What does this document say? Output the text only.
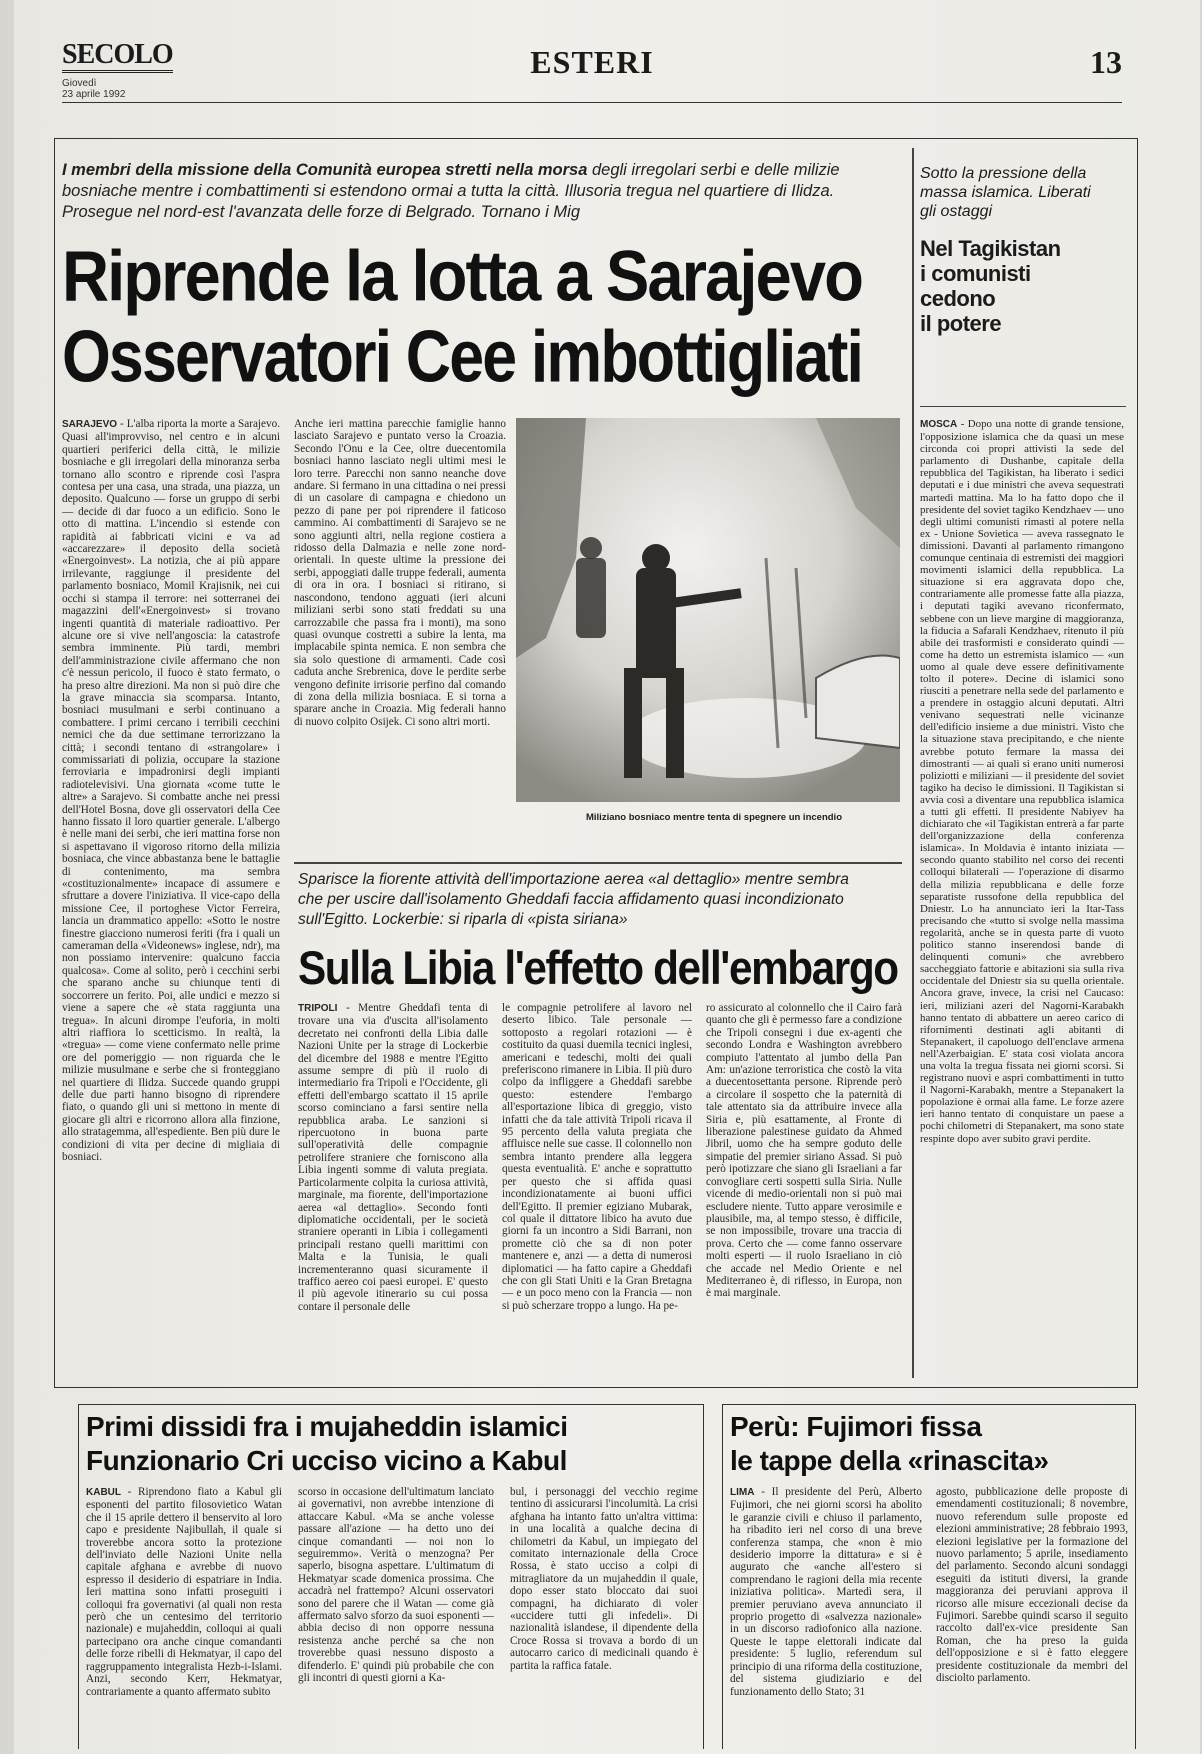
SECOLO
Giovedì
23 aprile 1992
ESTERI	13
I membri della missione della Comunità europea stretti nella morsa degli irregolari serbi e delle milizie bosniache mentre i combattimenti si estendono ormai a tutta la città. Illusoria tregua nel quartiere di Ilidza. Prosegue nel nord-est l'avanzata delle forze di Belgrado. Tornano i Mig
Riprende la lotta a Sarajevo
Osservatori Cee imbottigliati
SARAJEVO - L'alba riporta la morte a Sarajevo. Quasi all'improvviso, nel centro e in alcuni quartieri periferici della città, le milizie bosniache e gli irregolari della minoranza serba tornano allo scontro e riprende così l'aspra contesa per una casa, una strada, una piazza, un deposito. Qualcuno — forse un gruppo di serbi — decide di dar fuoco a un edificio. Sono le otto di mattina. L'incendio si estende con rapidità ai fabbricati vicini e va ad «accarezzare» il deposito della società «Energoinvest». La notizia, che ai più appare irrilevante, raggiunge il presidente del parlamento bosniaco, Momil Krajisnik, nei cui occhi si stampa il terrore: nei sotterranei dei magazzini dell'«Energoinvest» si trovano ingenti quantità di materiale radioattivo. Per alcune ore si vive nell'angoscia: la catastrofe sembra imminente. Più tardi, membri dell'amministrazione civile affermano che non c'è nessun pericolo, il fuoco è stato fermato, o ha preso altre direzioni. Ma non si può dire che la grave minaccia sia scomparsa. Intanto, bosniaci musulmani e serbi continuano a combattere. I primi cercano i terribili cecchini nemici che da due settimane terrorizzano la città; i secondi tentano di «strangolare» i commissariati di polizia, occupare la stazione ferroviaria e impadronirsi degli impianti radiotelevisivi. Una giornata «come tutte le altre» a Sarajevo. Si combatte anche nei pressi dell'Hotel Bosna, dove gli osservatori della Cee hanno fissato il loro quartier generale. L'albergo è nelle mani dei serbi, che ieri mattina forse non si aspettavano il vigoroso ritorno della milizia bosniaca, che vince abbastanza bene le battaglie di contenimento, ma sembra «costituzionalmente» incapace di assumere e sfruttare a dovere l'iniziativa. Il vice-capo della missione Cee, il portoghese Victor Ferreira, lancia un drammatico appello: «Sotto le nostre finestre giacciono numerosi feriti (fra i quali un cameraman della «Videonews» inglese, ndr), ma non possiamo intervenire: qualcuno faccia qualcosa». Come al solito, però i cecchini serbi che sparano anche su chiunque tenti di soccorrere un ferito. Poi, alle undici e mezzo si viene a sapere che «è stata raggiunta una tregua». In alcuni dirompe l'euforia, in molti altri riaffiora lo scetticismo. In realtà, la «tregua» — come viene confermato nelle prime ore del pomeriggio — non riguarda che le milizie musulmane e serbe che si fronteggiano nel quartiere di Ilidza. Succede quando gruppi delle due parti hanno bisogno di riprendere fiato, o quando gli uni si mettono in mente di giocare gli altri e ricorrono allora alla finzione, allo stratagemma, all'espediente. Ben più dure le condizioni di vita per decine di migliaia di bosniaci.
Anche ieri mattina parecchie famiglie hanno lasciato Sarajevo e puntato verso la Croazia. Secondo l'Onu e la Cee, oltre duecentomila bosniaci hanno lasciato negli ultimi mesi le loro terre. Parecchi non sanno neanche dove andare. Si fermano in una cittadina o nei pressi di un casolare di campagna e chiedono un pezzo di pane per poi riprendere il faticoso cammino. Ai combattimenti di Sarajevo se ne sono aggiunti altri, nella regione costiera a ridosso della Dalmazia e nelle zone nord-orientali. In queste ultime la pressione dei serbi, appoggiati dalle truppe federali, aumenta di ora in ora. I bosniaci si ritirano, si nascondono, tendono agguati (ieri alcuni miliziani serbi sono stati freddati su una carrozzabile che passa fra i monti), ma sono quasi ovunque costretti a subire la lenta, ma implacabile spinta nemica. E non sembra che sia solo questione di armamenti. Cade così caduta anche Srebrenica, dove le perdite serbe vengono definite irrisorie perfino dal comando di zona della milizia bosniaca. E si torna a sparare anche in Croazia. Mig federali hanno di nuovo colpito Osijek. Ci sono altri morti.
Miliziano bosniaco mentre tenta di spegnere un incendio
Sparisce la fiorente attività dell'importazione aerea «al dettaglio» mentre sembra che per uscire dall'isolamento Gheddafi faccia affidamento quasi incondizionato sull'Egitto. Lockerbie: si riparla di «pista siriana»
Sulla Libia l'effetto dell'embargo
TRIPOLI - Mentre Gheddafi tenta di trovare una via d'uscita all'isolamento decretato nei confronti della Libia dalle Nazioni Unite per la strage di Lockerbie del dicembre del 1988 e mentre l'Egitto assume sempre di più il ruolo di intermediario fra Tripoli e l'Occidente, gli effetti dell'embargo scattato il 15 aprile scorso cominciano a farsi sentire nella repubblica araba. Le sanzioni si ripercuotono in buona parte sull'operatività delle compagnie petrolifere straniere che forniscono alla Libia ingenti somme di valuta pregiata. Particolarmente colpita la curiosa attività, marginale, ma fiorente, dell'importazione aerea «al dettaglio». Secondo fonti diplomatiche occidentali, per le società straniere operanti in Libia i collegamenti principali restano quelli marittimi con Malta e la Tunisia, le quali incrementeranno quasi sicuramente il traffico aereo coi paesi europei. E' questo il più agevole itinerario su cui possa contare il personale delle
le compagnie petrolifere al lavoro nel deserto libico. Tale personale — sottoposto a regolari rotazioni — è costituito da quasi duemila tecnici inglesi, americani e tedeschi, molti dei quali preferiscono rimanere in Libia. Il più duro colpo da infliggere a Gheddafi sarebbe questo: estendere l'embargo all'esportazione libica di greggio, visto infatti che da tale attività Tripoli ricava il 95 percento della valuta pregiata che affluisce nelle sue casse. Il colonnello non sembra intanto prendere alla leggera questa eventualità. E' anche e soprattutto per questo che si affida quasi incondizionatamente ai buoni uffici dell'Egitto. Il premier egiziano Mubarak, col quale il dittatore libico ha avuto due giorni fa un incontro a Sidi Barrani, non promette ciò che sa di non poter mantenere e, anzi — a detta di numerosi diplomatici — ha fatto capire a Gheddafi che con gli Stati Uniti e la Gran Bretagna — e un poco meno con la Francia — non si può scherzare troppo a lungo. Ha pe-
ro assicurato al colonnello che il Cairo farà quanto che gli è permesso fare a condizione che Tripoli consegni i due ex-agenti che secondo Londra e Washington avrebbero compiuto l'attentato al jumbo della Pan Am: un'azione terroristica che costò la vita a duecentosettanta persone. Riprende però a circolare il sospetto che la paternità di tale attentato sia da attribuire invece alla Siria e, più esattamente, al Fronte di liberazione palestinese guidato da Ahmed Jibril, uomo che ha sempre goduto delle simpatie del premier siriano Assad. Si può però ipotizzare che siano gli Israeliani a far convogliare certi sospetti sulla Siria. Nulle vicende di medio-orientali non si può mai escludere niente. Tutto appare verosimile e plausibile, ma, al tempo stesso, è difficile, se non impossibile, trovare una traccia di prova. Certo che — come fanno osservare molti esperti — il ruolo Israeliano in ciò che accade nel Medio Oriente e nel Mediterraneo è, di riflesso, in Europa, non è mai marginale.
Sotto la pressione della massa islamica. Liberati gli ostaggi
Nel Tagikistan
i comunisti
cedono
il potere
MOSCA - Dopo una notte di grande tensione, l'opposizione islamica che da quasi un mese circonda coi propri attivisti la sede del parlamento di Dushanbe, capitale della repubblica del Tagikistan, ha liberato i sedici deputati e i due ministri che aveva sequestrati martedì mattina. Ma lo ha fatto dopo che il presidente del soviet tagiko Kendzhaev — uno degli ultimi comunisti rimasti al potere nella ex - Unione Sovietica — aveva rassegnato le dimissioni. Davanti al parlamento rimangono comunque centinaia di estremisti dei maggiori movimenti islamici della repubblica. La situazione si era aggravata dopo che, contrariamente alle promesse fatte alla piazza, i deputati tagiki avevano riconfermato, sebbene con un lieve margine di maggioranza, la fiducia a Safarali Kendzhaev, ritenuto il più abile dei trasformisti e considerato quindi — come ha detto un estremista islamico — «un uomo al quale deve essere definitivamente tolto il potere». Decine di islamici sono riusciti a penetrare nella sede del parlamento e a prendere in ostaggio alcuni deputati. Altri venivano sequestrati nelle vicinanze dell'edificio insieme a due ministri. Visto che la situazione stava precipitando, e che niente avrebbe potuto fermare la massa dei dimostranti — ai quali si erano uniti numerosi poliziotti e miliziani — il presidente del soviet tagiko ha deciso le dimissioni. Il Tagikistan si avvia così a diventare una repubblica islamica a tutti gli effetti. Il presidente Nabiyev ha dichiarato che «il Tagikistan entrerà a far parte dell'organizzazione della conferenza islamica». In Moldavia è intanto iniziata — secondo quanto stabilito nel corso dei recenti colloqui bilaterali — l'operazione di disarmo della milizia repubblicana e delle forze separatiste russofone della repubblica del Dniestr. Lo ha annunciato ieri la Itar-Tass precisando che «tutto si svolge nella massima regolarità, anche se in questa parte di vuoto politico stanno inserendosi bande di delinquenti comuni» che avrebbero saccheggiato fattorie e abitazioni sia sulla riva occidentale del Dniestr sia su quella orientale. Ancora grave, invece, la crisi nel Caucaso: ieri, miliziani azeri del Nagorni-Karabakh hanno tentato di abbattere un aereo carico di rifornimenti destinati agli abitanti di Stepanakert, il capoluogo dell'enclave armena nell'Azerbaigian. E' stata così violata ancora una volta la tregua fissata nei giorni scorsi. Si registrano nuovi e aspri combattimenti in tutto il Nagorni-Karabakh, mentre a Stepanakert la popolazione è ormai alla fame. Le forze azere ieri hanno tentato di conquistare un paese a pochi chilometri di Stepanakert, ma sono state respinte dopo aver subito gravi perdite.
Primi dissidi fra i mujaheddin islamici
Funzionario Cri ucciso vicino a Kabul
KABUL - Riprendono fiato a Kabul gli esponenti del partito filosovietico Watan che il 15 aprile dettero il benservito al loro capo e presidente Najibullah, il quale si troverebbe ancora sotto la protezione dell'inviato delle Nazioni Unite nella capitale afghana e avrebbe di nuovo espresso il desiderio di espatriare in India. Ieri mattina sono infatti proseguiti i colloqui fra governativi (al quali non resta però che un centesimo del territorio nazionale) e mujaheddin, colloqui ai quali partecipano ora anche cinque comandanti delle forze ribelli di Hekmatyar, il capo del raggruppamento integralista Hezb-i-Islami. Anzi, secondo Kerr, Hekmatyar, contrariamente a quanto affermato subito
scorso in occasione dell'ultimatum lanciato ai governativi, non avrebbe intenzione di attaccare Kabul. «Ma se anche volesse passare all'azione — ha detto uno dei cinque comandanti — noi non lo seguiremmo». Verità o menzogna? Per saperlo, bisogna aspettare. L'ultimatum di Hekmatyar scade domenica prossima. Che accadrà nel frattempo? Alcuni osservatori sono del parere che il Watan — come già affermato salvo sforzo da suoi esponenti — abbia deciso di non opporre nessuna resistenza anche perché sa che non troverebbe quasi nessuno disposto a difenderlo. E' quindi più probabile che con gli incontri di questi giorni a Ka-
bul, i personaggi del vecchio regime tentino di assicurarsi l'incolumità. La crisi afghana ha intanto fatto un'altra vittima: in una località a qualche decina di chilometri da Kabul, un impiegato del comitato internazionale della Croce Rossa, è stato ucciso a colpi di mitragliatore da un mujaheddin il quale, dopo esser stato bloccato dai suoi compagni, ha dichiarato di voler «uccidere tutti gli infedeli». Di nazionalità islandese, il dipendente della Croce Rossa si trovava a bordo di un autocarro carico di medicinali quando è partita la raffica fatale.
Perù: Fujimori fissa
le tappe della «rinascita»
LIMA - Il presidente del Perù, Alberto Fujimori, che nei giorni scorsi ha abolito le garanzie civili e chiuso il parlamento, ha ribadito ieri nel corso di una breve conferenza stampa, che «non è mio desiderio imporre la dittatura» e si è augurato che «anche all'estero si comprendano le ragioni della mia recente iniziativa politica». Martedì sera, il premier peruviano aveva annunciato il proprio progetto di «salvezza nazionale» in un discorso radiofonico alla nazione. Queste le tappe elettorali indicate dal presidente: 5 luglio, referendum sul principio di una riforma della costituzione, del sistema giudiziario e del funzionamento dello Stato; 31
agosto, pubblicazione delle proposte di emendamenti costituzionali; 8 novembre, nuovo referendum sulle proposte ed elezioni amministrative; 28 febbraio 1993, elezioni legislative per la formazione del nuovo parlamento; 5 aprile, insediamento del parlamento. Secondo alcuni sondaggi eseguiti da istituti diversi, la grande maggioranza dei peruviani approva il ricorso alle misure eccezionali decise da Fujimori. Sarebbe quindi scarso il seguito raccolto dall'ex-vice presidente San Roman, che ha preso la guida dell'opposizione e si è fatto eleggere presidente costituzionale da membri del disciolto parlamento.
